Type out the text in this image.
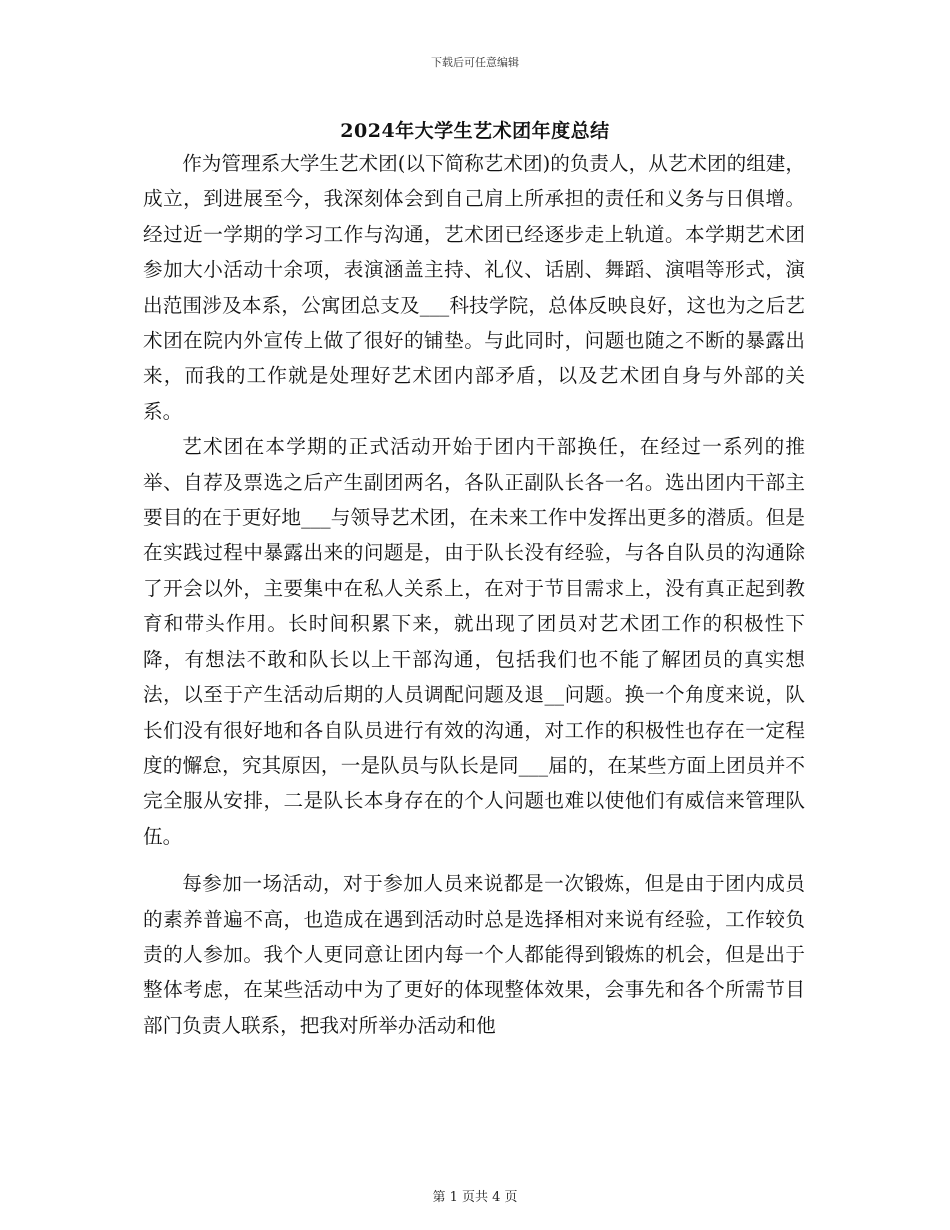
下载后可任意编辑
2024年大学生艺术团年度总结

作为管理系大学生艺术团(以下简称艺术团)的负责人，从艺术团的组建，成立，到进展至今，我深刻体会到自己肩上所承担的责任和义务与日俱增。经过近一学期的学习工作与沟通，艺术团已经逐步走上轨道。本学期艺术团参加大小活动十余项，表演涵盖主持、礼仪、话剧、舞蹈、演唱等形式，演出范围涉及本系，公寓团总支及___科技学院，总体反映良好，这也为之后艺术团在院内外宣传上做了很好的铺垫。与此同时，问题也随之不断的暴露出来，而我的工作就是处理好艺术团内部矛盾，以及艺术团自身与外部的关系。

艺术团在本学期的正式活动开始于团内干部换任，在经过一系列的推举、自荐及票选之后产生副团两名，各队正副队长各一名。选出团内干部主要目的在于更好地___与领导艺术团，在未来工作中发挥出更多的潜质。但是在实践过程中暴露出来的问题是，由于队长没有经验，与各自队员的沟通除了开会以外，主要集中在私人关系上，在对于节目需求上，没有真正起到教育和带头作用。长时间积累下来，就出现了团员对艺术团工作的积极性下降，有想法不敢和队长以上干部沟通，包括我们也不能了解团员的真实想法，以至于产生活动后期的人员调配问题及退__问题。换一个角度来说，队长们没有很好地和各自队员进行有效的沟通，对工作的积极性也存在一定程度的懈怠，究其原因，一是队员与队长是同___届的，在某些方面上团员并不完全服从安排，二是队长本身存在的个人问题也难以使他们有威信来管理队伍。

每参加一场活动，对于参加人员来说都是一次锻炼，但是由于团内成员的素养普遍不高，也造成在遇到活动时总是选择相对来说有经验，工作较负责的人参加。我个人更同意让团内每一个人都能得到锻炼的机会，但是出于整体考虑，在某些活动中为了更好的体现整体效果，会事先和各个所需节目部门负责人联系，把我对所举办活动和他

第 1 页共 4 页
